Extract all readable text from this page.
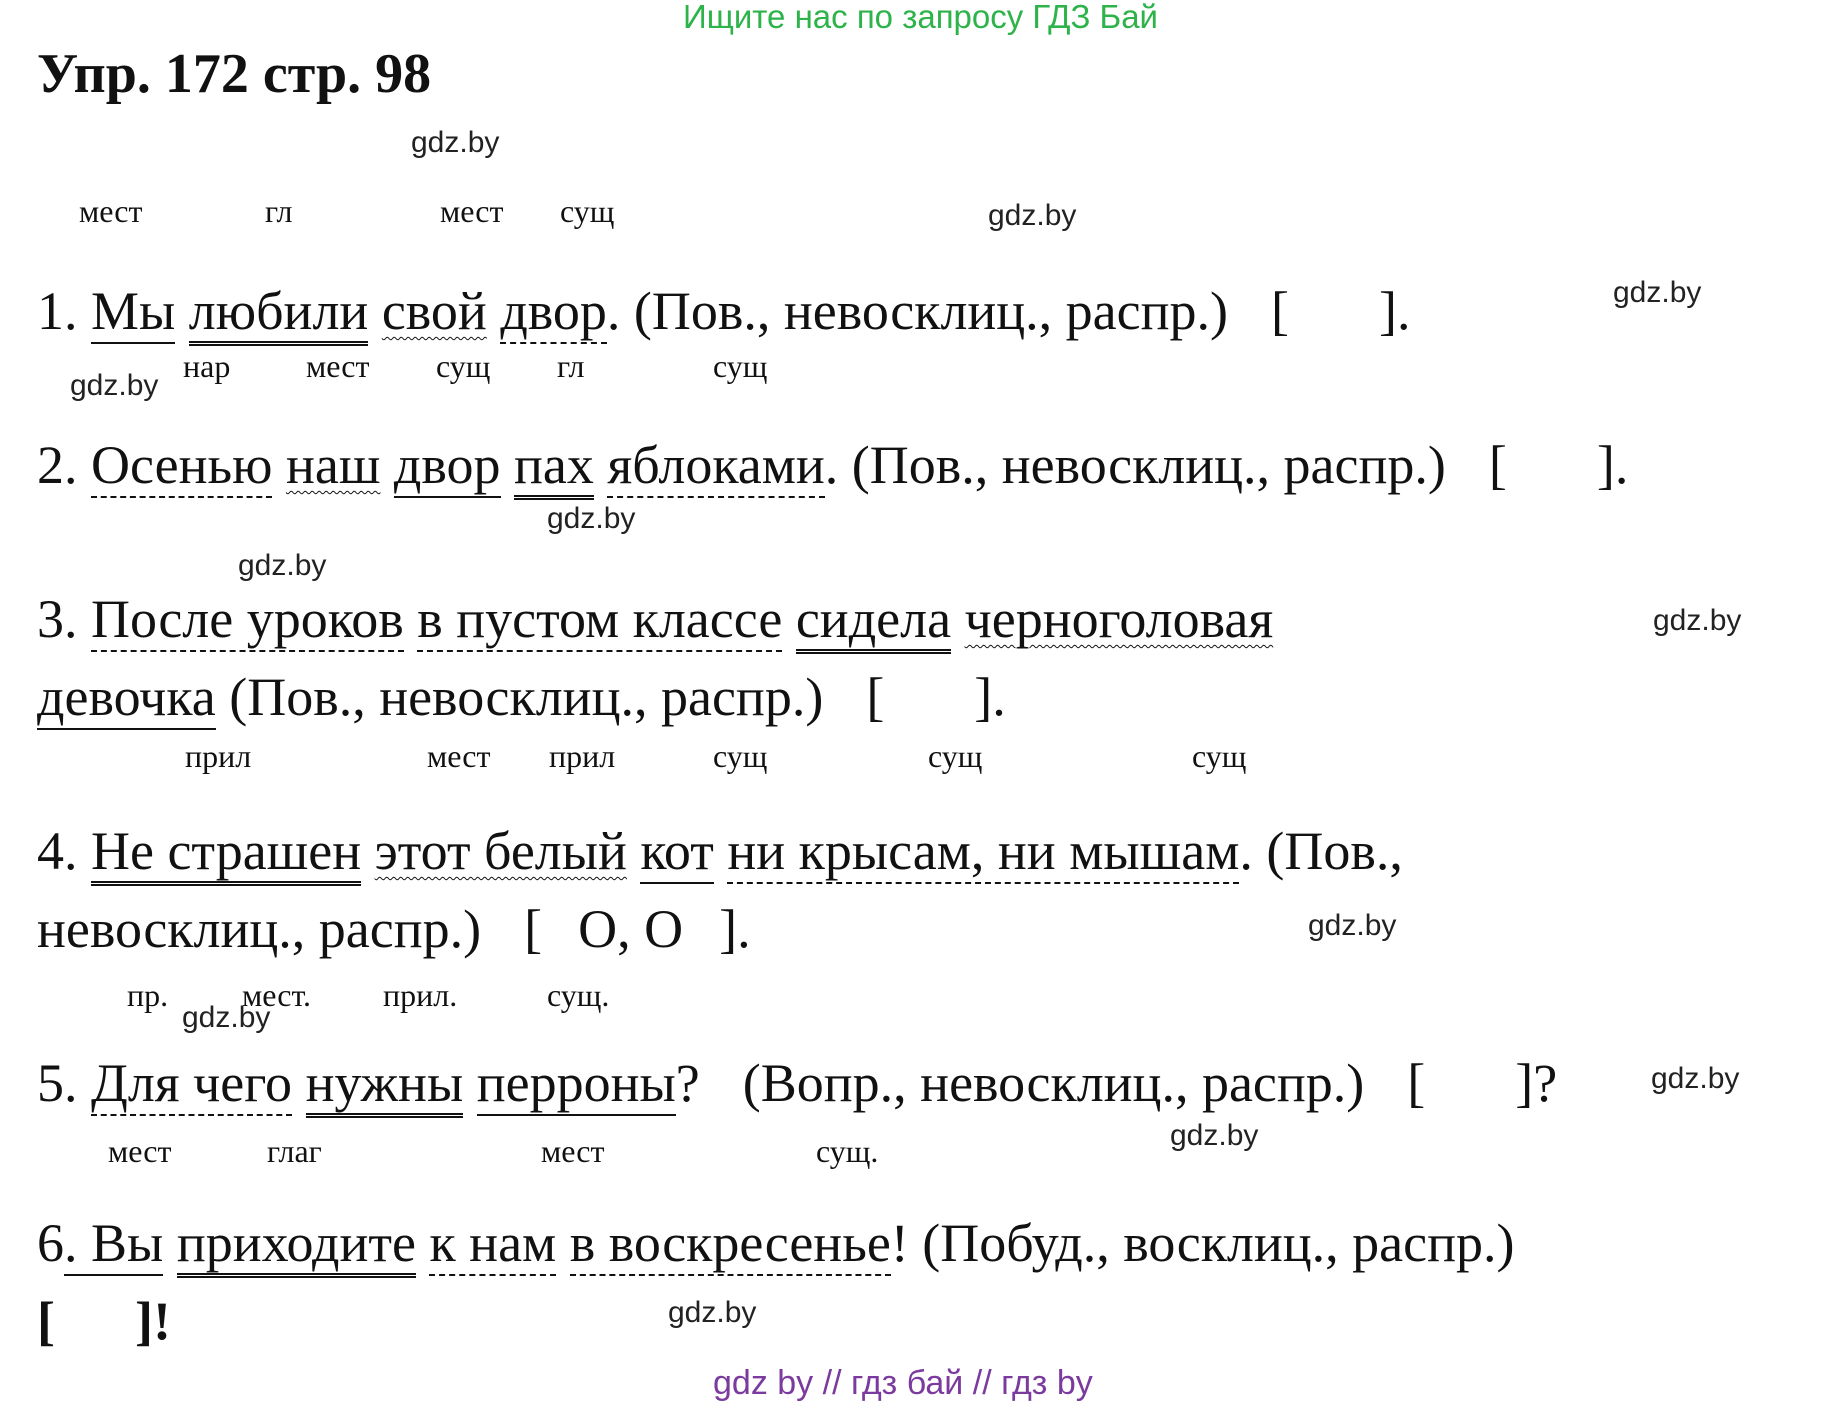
Ищите нас по запросу ГДЗ Бай
Упр. 172 стр. 98
gdz.by
gdz.by
gdz.by
gdz.by
gdz.by
gdz.by
gdz.by
gdz.by
gdz.by
gdz.by
gdz.by
gdz.by
мест	гл	мест сущ
1. Мы любили свой двор. (Пов., невосклиц., распр.) [ ].
нар мест сущ гл	сущ
2. Осенью наш двор пах яблоками. (Пов., невосклиц., распр.) [ ].
3. После уроков в пустом классе сидела черноголовая
девочка (Пов., невосклиц., распр.) [ ].
прил	мест прил	сущ	сущ	сущ
4. Не страшен этот белый кот ни крысам, ни мышам. (Пов.,
невосклиц., распр.) [ О, О ].
пр. мест. прил.	сущ.
5. Для чего нужны перроны? (Вопр., невосклиц., распр.) [ ]?
мест	глаг	мест	сущ.
6. Вы приходите к нам в воскресенье! (Побуд., восклиц., распр.)
[ ]!
gdz by // гдз бай // гдз by
